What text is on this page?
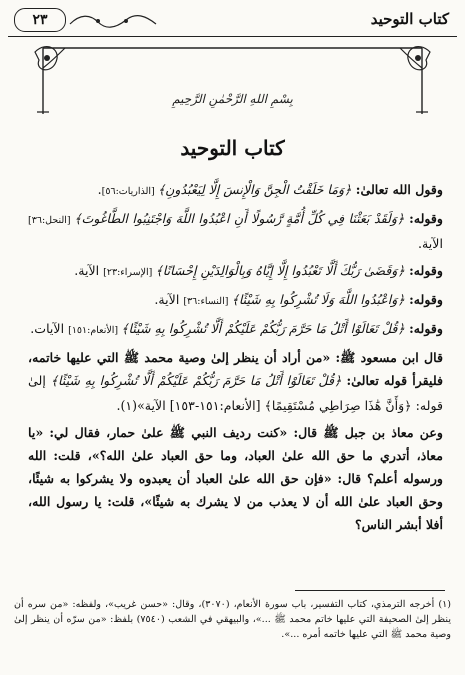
كتاب التوحيد
٢٣
بِسْمِ اللهِ الرَّحْمٰنِ الرَّحِيمِ
كتاب التوحيد

وقول الله تعالىٰ: ﴿وَمَا خَلَقْتُ الْجِنَّ وَالْإِنسَ إِلَّا لِيَعْبُدُونِ﴾ [الذاريات:٥٦].

وقوله: ﴿وَلَقَدْ بَعَثْنَا فِي كُلِّ أُمَّةٍ رَّسُولًا أَنِ اعْبُدُوا اللَّهَ وَاجْتَنِبُوا الطَّاغُوتَ﴾ [النحل:٣٦] الآية.

وقوله: ﴿وَقَضَىٰ رَبُّكَ أَلَّا تَعْبُدُوا إِلَّا إِيَّاهُ وَبِالْوَالِدَيْنِ إِحْسَانًا﴾ [الإسراء:٢٣] الآية.

وقوله: ﴿وَاعْبُدُوا اللَّهَ وَلَا تُشْرِكُوا بِهِ شَيْئًا﴾ [النساء:٣٦] الآية.

وقوله: ﴿قُلْ تَعَالَوْا أَتْلُ مَا حَرَّمَ رَبُّكُمْ عَلَيْكُمْ أَلَّا تُشْرِكُوا بِهِ شَيْئًا﴾ [الأنعام:١٥١] الآيات.

قال ابن مسعود ﷺ: «من أراد أن ينظر إلىٰ وصية محمد ﷺ التي عليها خاتمه، فليقرأ قوله تعالىٰ: ﴿قُلْ تَعَالَوْا أَتْلُ مَا حَرَّمَ رَبُّكُمْ عَلَيْكُمْ أَلَّا تُشْرِكُوا بِهِ شَيْئًا﴾ إلىٰ قوله: ﴿وَأَنَّ هَٰذَا صِرَاطِي مُسْتَقِيمًا﴾ [الأنعام:١٥١-١٥٣] الآية»(١).

وعن معاذ بن جبل ﷺ قال: «كنت رديف النبي ﷺ علىٰ حمار، فقال لي: «يا معاذ، أتدري ما حق الله علىٰ العباد، وما حق العباد علىٰ الله؟»، قلت: الله ورسوله أعلم؟ قال: «فإن حق الله علىٰ العباد أن يعبدوه ولا يشركوا به شيئًا، وحق العباد علىٰ الله أن لا يعذب من لا يشرك به شيئًا»، قلت: يا رسول الله، أفلا أبشر الناس؟

(١) أخرجه الترمذي، كتاب التفسير، باب سورة الأنعام، (٣٠٧٠)، وقال: «حسن غريب»، ولفظه: «من سره أن ينظر إلىٰ الصحيفة التي عليها خاتم محمد ﷺ ...»، والبيهقي في الشعب (٧٥٤٠) بلفظ: «من سرّه أن ينظر إلىٰ وصية محمد ﷺ التي عليها خاتمه أمره ...».
